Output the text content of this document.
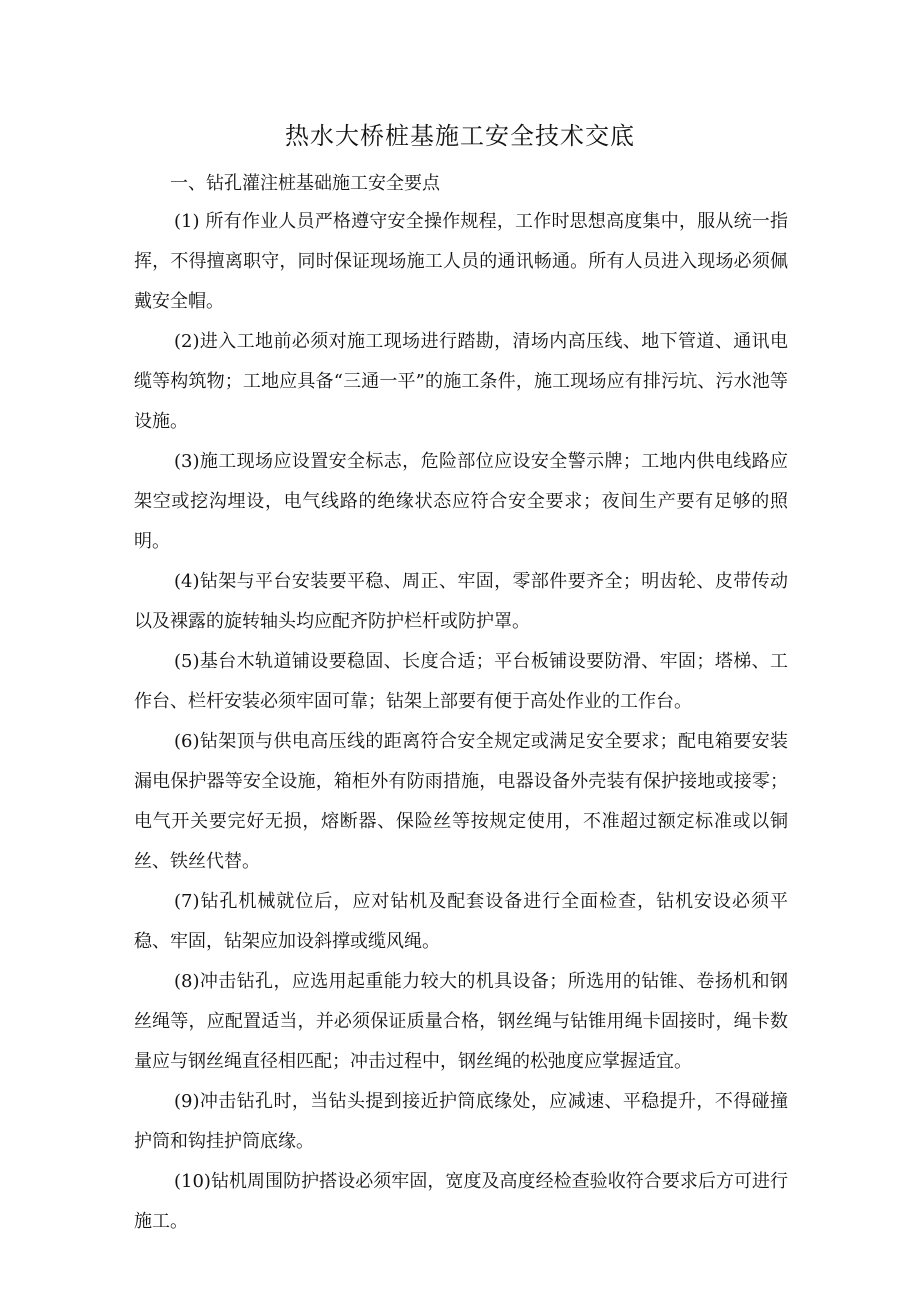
热水大桥桩基施工安全技术交底

一、钻孔灌注桩基础施工安全要点

(1) 所有作业人员严格遵守安全操作规程，工作时思想高度集中，服从统一指挥，不得擅离职守，同时保证现场施工人员的通讯畅通。所有人员进入现场必须佩戴安全帽。

(2)进入工地前必须对施工现场进行踏勘，清场内高压线、地下管道、通讯电缆等构筑物；工地应具备“三通一平”的施工条件，施工现场应有排污坑、污水池等设施。

(3)施工现场应设置安全标志，危险部位应设安全警示牌；工地内供电线路应架空或挖沟埋设，电气线路的绝缘状态应符合安全要求；夜间生产要有足够的照明。

(4)钻架与平台安装要平稳、周正、牢固，零部件要齐全；明齿轮、皮带传动以及裸露的旋转轴头均应配齐防护栏杆或防护罩。

(5)基台木轨道铺设要稳固、长度合适；平台板铺设要防滑、牢固；塔梯、工作台、栏杆安装必须牢固可靠；钻架上部要有便于高处作业的工作台。

(6)钻架顶与供电高压线的距离符合安全规定或满足安全要求；配电箱要安装漏电保护器等安全设施，箱柜外有防雨措施，电器设备外壳装有保护接地或接零；电气开关要完好无损，熔断器、保险丝等按规定使用，不准超过额定标准或以铜丝、铁丝代替。

(7)钻孔机械就位后，应对钻机及配套设备进行全面检查，钻机安设必须平稳、牢固，钻架应加设斜撑或缆风绳。

(8)冲击钻孔，应选用起重能力较大的机具设备；所选用的钻锥、卷扬机和钢丝绳等，应配置适当，并必须保证质量合格，钢丝绳与钻锥用绳卡固接时，绳卡数量应与钢丝绳直径相匹配；冲击过程中，钢丝绳的松弛度应掌握适宜。

(9)冲击钻孔时，当钻头提到接近护筒底缘处，应减速、平稳提升，不得碰撞护筒和钩挂护筒底缘。

(10)钻机周围防护搭设必须牢固，宽度及高度经检查验收符合要求后方可进行施工。
